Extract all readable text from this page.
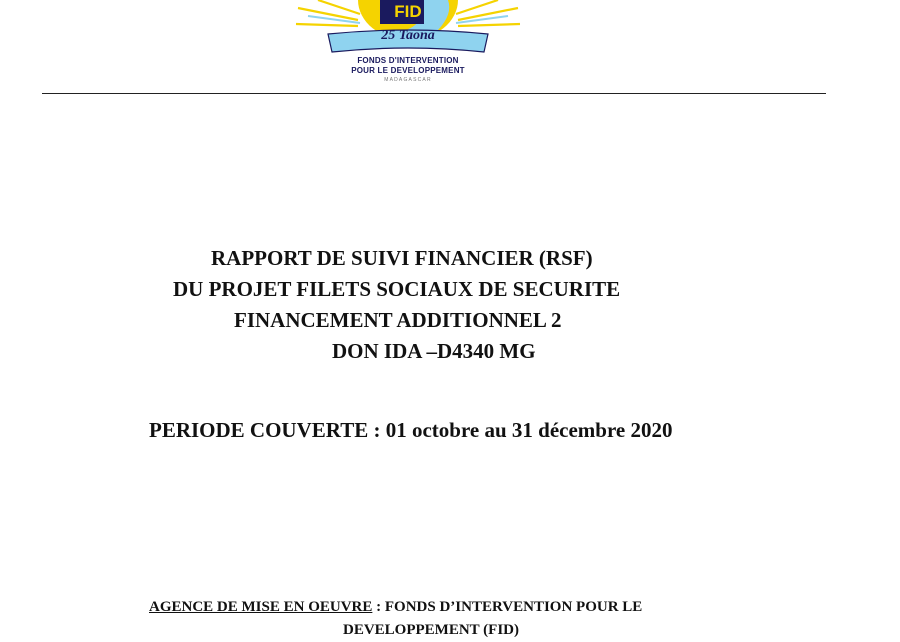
FID
25 Taona
FONDS D'INTERVENTION
POUR LE DEVELOPPEMENT
MADAGASCAR
RAPPORT DE SUIVI FINANCIER (RSF)
DU PROJET FILETS SOCIAUX DE SECURITE
FINANCEMENT ADDITIONNEL 2
DON IDA –D4340 MG
PERIODE COUVERTE : 01 octobre au 31 décembre 2020
AGENCE DE MISE EN OEUVRE : FONDS D’INTERVENTION POUR LE
DEVELOPPEMENT (FID)
